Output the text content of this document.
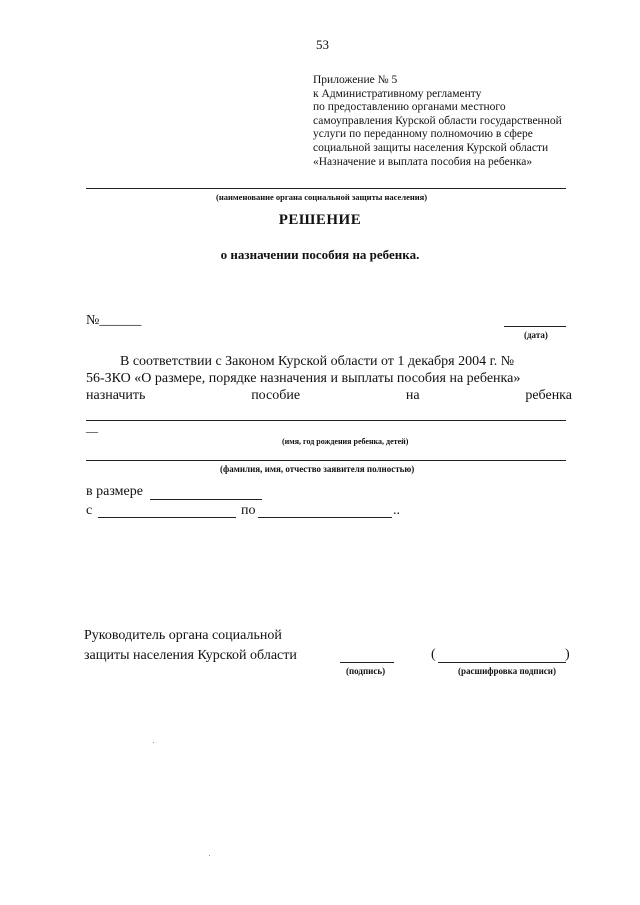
53
Приложение № 5
к Административному регламенту
по предоставлению органами местного
самоуправления Курской области государственной
услуги по переданному полномочию в сфере
социальной защиты населения Курской области
«Назначение и выплата пособия на ребенка»
(наименование органа социальной защиты населения)
РЕШЕНИЕ
о назначении пособия на ребенка.
№______
(дата)
В соответствии с Законом Курской области от 1 декабря 2004 г. №
56-ЗКО «О размере, порядке назначения и выплаты пособия на ребенка»
назначить	пособие	на	ребенка
—
(имя, год рождения ребенка, детей)
(фамилия, имя, отчество заявителя полностью)
в размере
с	по	..
Руководитель органа социальной
защиты населения Курской области
(подпись)
(	)
(расшифровка подписи)
